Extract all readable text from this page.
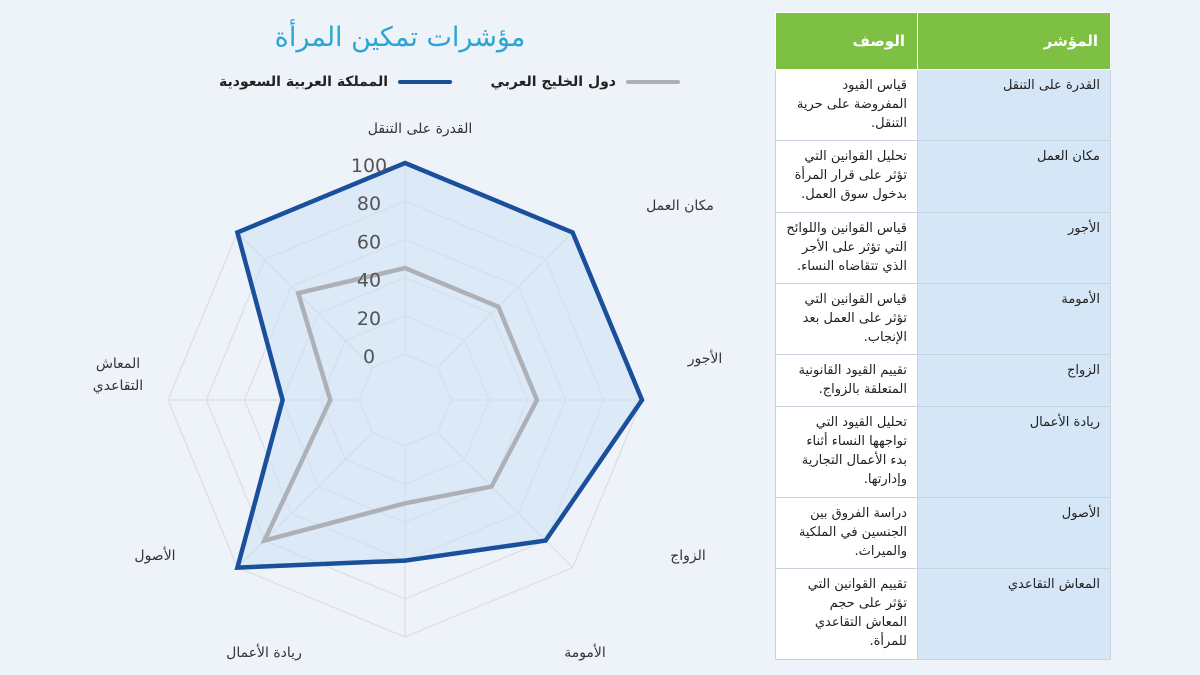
مؤشرات تمكين المرأة
المملكة العربية السعودية	دول الخليج العربي
0
20
40
60
80
100
القدرة على التنقل
مكان العمل
الأجور
الزواج
الأمومة
ريادة الأعمال
الأصول
المعاش
التقاعدي
المؤشر	الوصف
القدرة على التنقل	قياس القيود المفروضة على حرية التنقل.
مكان العمل	تحليل القوانين التي تؤثر على قرار المرأة بدخول سوق العمل.
الأجور	قياس القوانين واللوائح التي تؤثر على الأجر الذي تتقاضاه النساء.
الأمومة	قياس القوانين التي تؤثر على العمل بعد الإنجاب.
الزواج	تقييم القيود القانونية المتعلقة بالزواج.
ريادة الأعمال	تحليل القيود التي تواجهها النساء أثناء بدء الأعمال التجارية وإدارتها.
الأصول	دراسة الفروق بين الجنسين في الملكية والميراث.
المعاش التقاعدي	تقييم القوانين التي تؤثر على حجم المعاش التقاعدي للمرأة.
